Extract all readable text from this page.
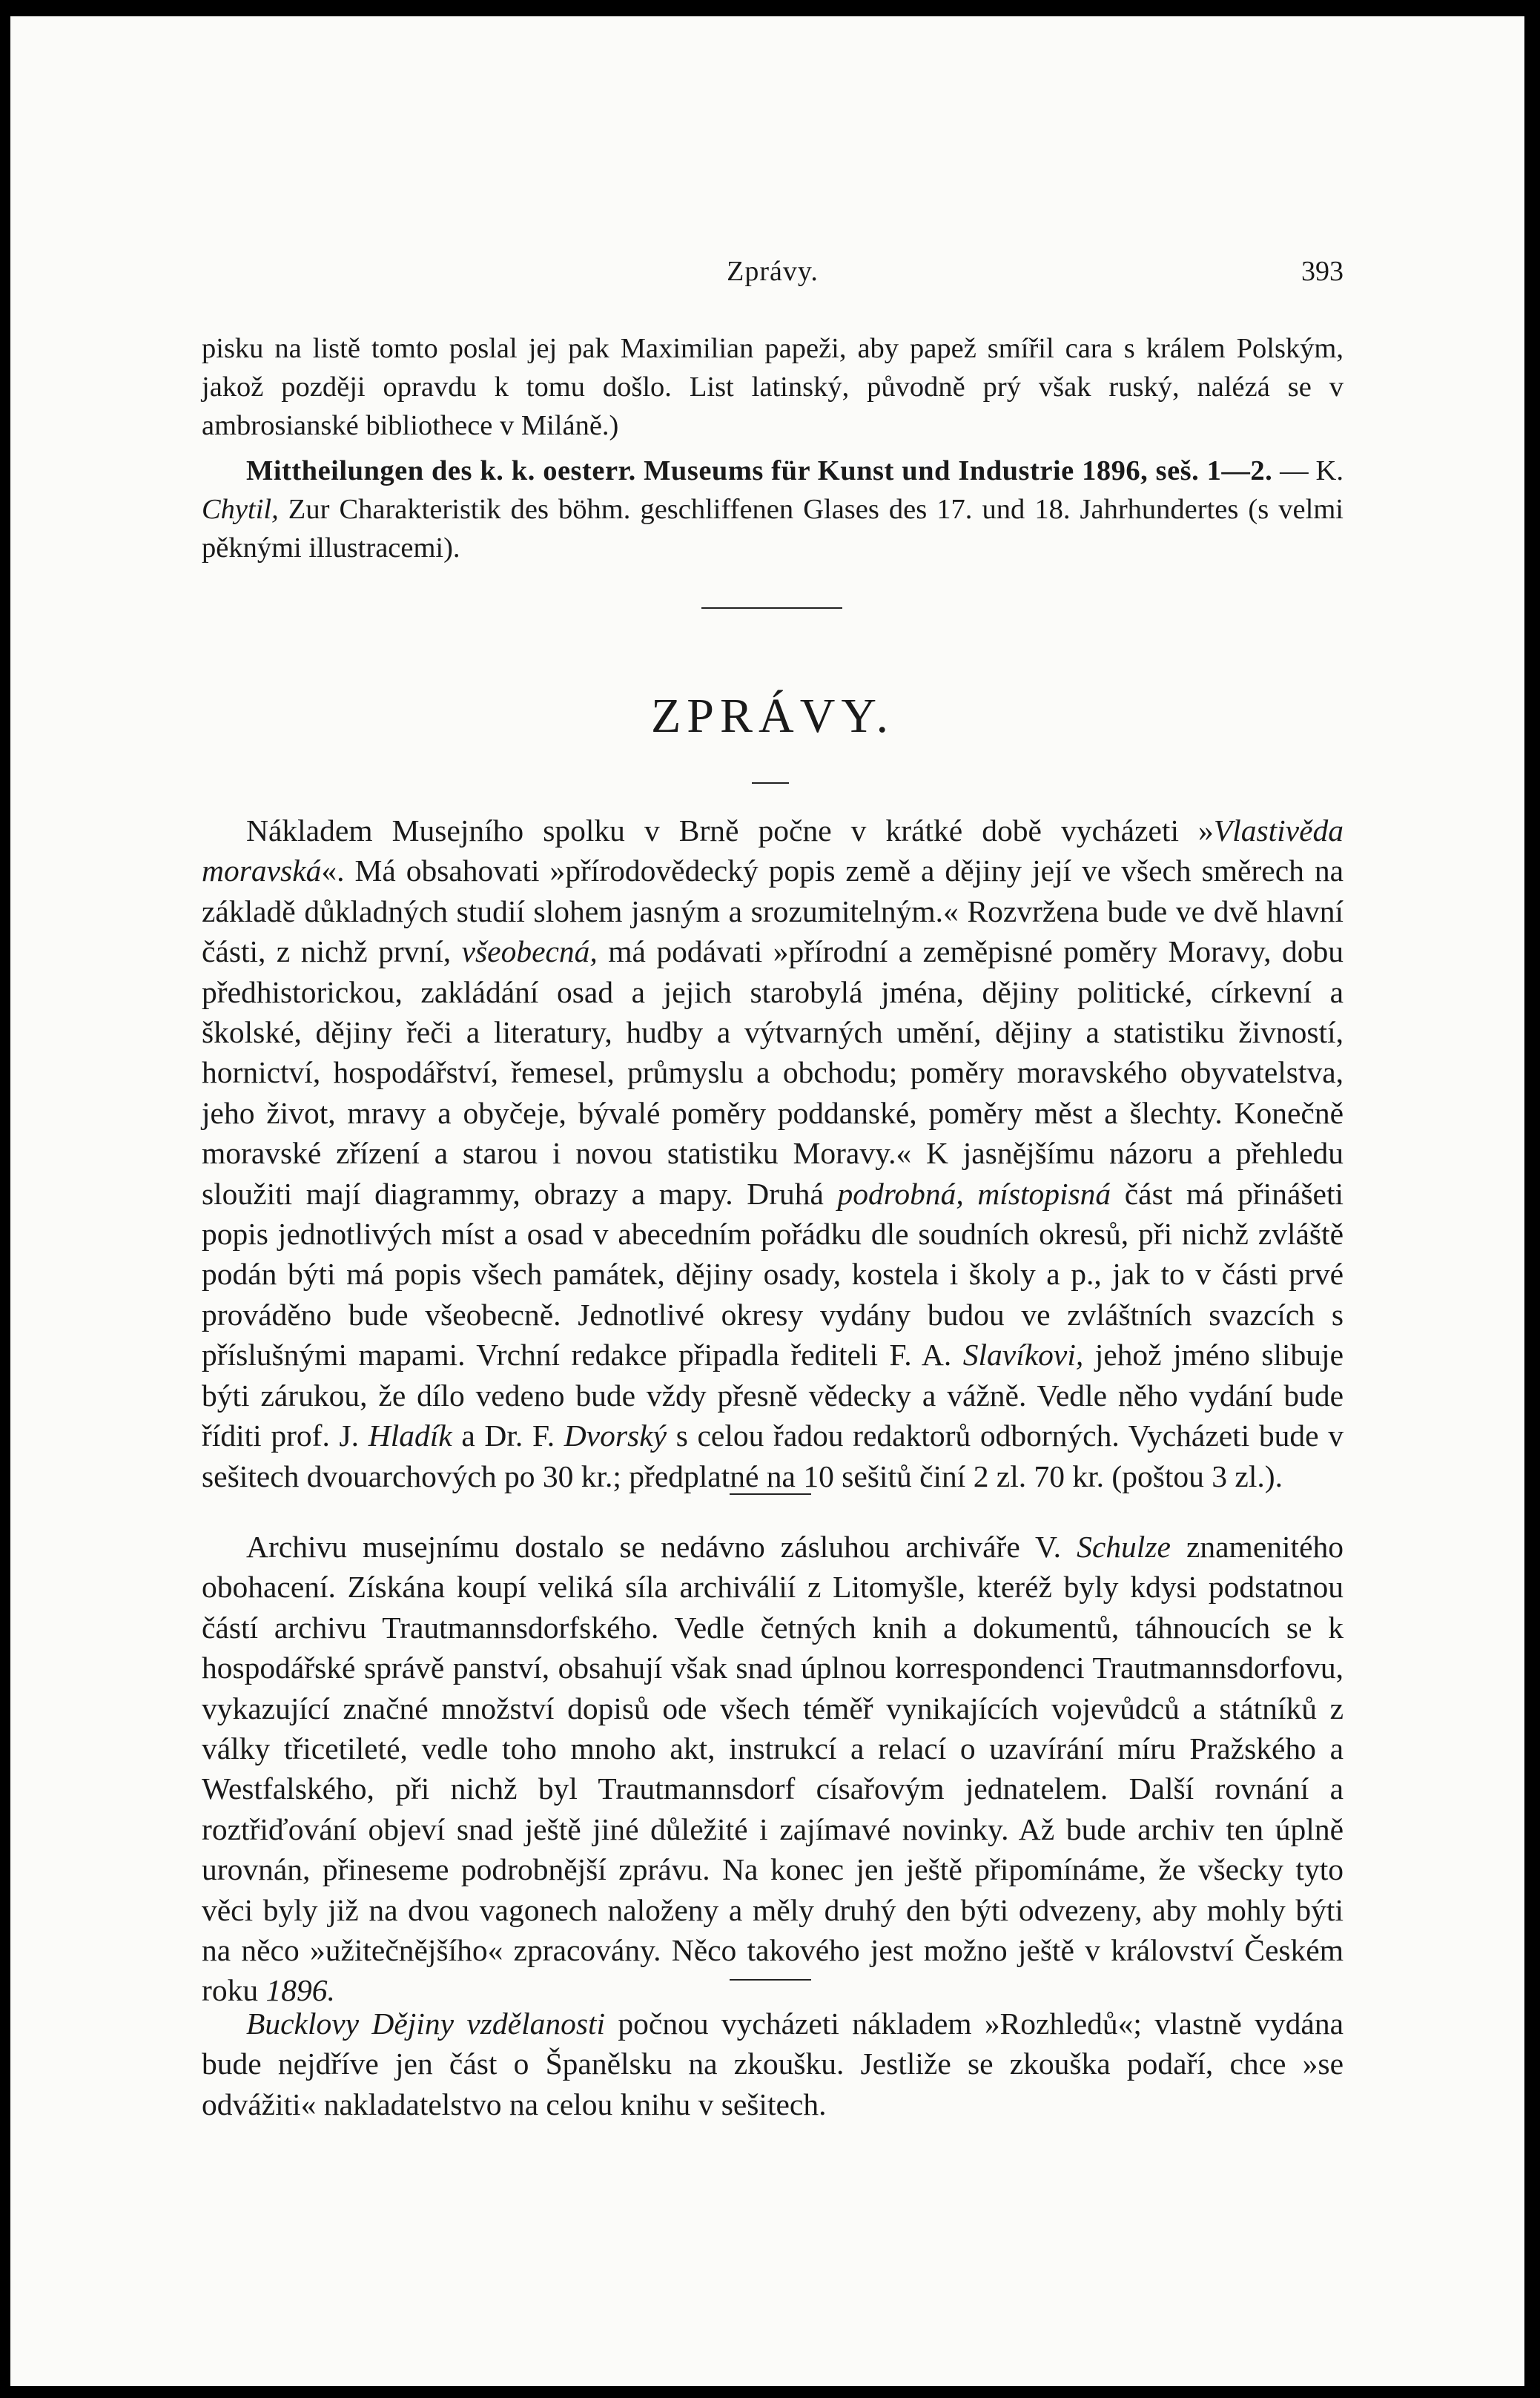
Zprávy.	393

pisku na listě tomto poslal jej pak Maximilian papeži, aby papež smířil cara s králem Polským, jakož později opravdu k tomu došlo. List latinský, původně prý však ruský, nalézá se v ambrosianské bibliothece v Miláně.)

Mittheilungen des k. k. oesterr. Museums für Kunst und Industrie 1896, seš. 1—2. — K. Chytil, Zur Charakteristik des böhm. geschliffenen Glases des 17. und 18. Jahrhundertes (s velmi pěknými illustracemi).

ZPRÁVY.

Nákladem Musejního spolku v Brně počne v krátké době vycházeti »Vlastivěda moravská«. Má obsahovati »přírodovědecký popis země a dějiny její ve všech směrech na základě důkladných studií slohem jasným a srozumitelným.« Rozvržena bude ve dvě hlavní části, z nichž první, všeobecná, má podávati »přírodní a zeměpisné poměry Moravy, dobu předhistorickou, zakládání osad a jejich starobylá jména, dějiny politické, církevní a školské, dějiny řeči a literatury, hudby a výtvarných umění, dějiny a statistiku živností, hornictví, hospodářství, řemesel, průmyslu a obchodu; poměry moravského obyvatelstva, jeho život, mravy a obyčeje, bývalé poměry poddanské, poměry měst a šlechty. Konečně moravské zřízení a starou i novou statistiku Moravy.« K jasnějšímu názoru a přehledu sloužiti mají diagrammy, obrazy a mapy. Druhá podrobná, místopisná část má přinášeti popis jednotlivých míst a osad v abecedním pořádku dle soudních okresů, při nichž zvláště podán býti má popis všech památek, dějiny osady, kostela i školy a p., jak to v části prvé prováděno bude všeobecně. Jednotlivé okresy vydány budou ve zvláštních svazcích s příslušnými mapami. Vrchní redakce připadla řediteli F. A. Slavíkovi, jehož jméno slibuje býti zárukou, že dílo vedeno bude vždy přesně vědecky a vážně. Vedle něho vydání bude říditi prof. J. Hladík a Dr. F. Dvorský s celou řadou redaktorů odborných. Vycházeti bude v sešitech dvouarchových po 30 kr.; předplatné na 10 sešitů činí 2 zl. 70 kr. (poštou 3 zl.).

Archivu musejnímu dostalo se nedávno zásluhou archiváře V. Schulze znamenitého obohacení. Získána koupí veliká síla archiválií z Litomyšle, kteréž byly kdysi podstatnou částí archivu Trautmannsdorfského. Vedle četných knih a dokumentů, táhnoucích se k hospodářské správě panství, obsahují však snad úplnou korrespondenci Trautmannsdorfovu, vykazující značné množství dopisů ode všech téměř vynikajících vojevůdců a státníků z války třicetileté, vedle toho mnoho akt, instrukcí a relací o uzavírání míru Pražského a Westfalského, při nichž byl Trautmannsdorf císařovým jednatelem. Další rovnání a roztřiďování objeví snad ještě jiné důležité i zajímavé novinky. Až bude archiv ten úplně urovnán, přineseme podrobnější zprávu. Na konec jen ještě připomínáme, že všecky tyto věci byly již na dvou vagonech naloženy a měly druhý den býti odvezeny, aby mohly býti na něco »užitečnějšího« zpracovány. Něco takového jest možno ještě v království Českém roku 1896.

Bucklovy Dějiny vzdělanosti počnou vycházeti nákladem »Rozhledů«; vlastně vydána bude nejdříve jen část o Španělsku na zkoušku. Jestliže se zkouška podaří, chce »se odvážiti« nakladatelstvo na celou knihu v sešitech.
